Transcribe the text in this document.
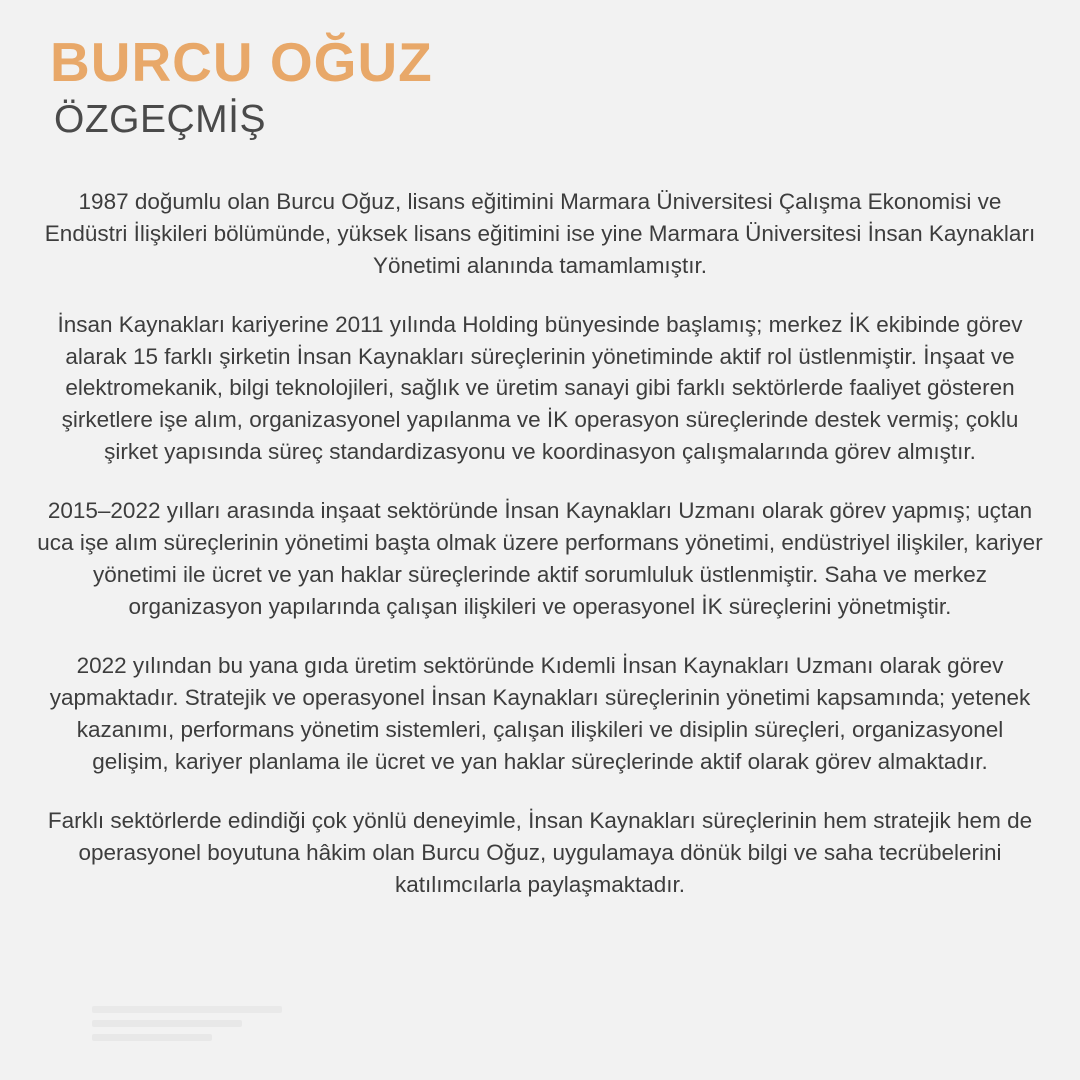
BURCU OĞUZ
ÖZGEÇMİŞ

1987 doğumlu olan Burcu Oğuz, lisans eğitimini Marmara Üniversitesi Çalışma Ekonomisi ve Endüstri İlişkileri bölümünde, yüksek lisans eğitimini ise yine Marmara Üniversitesi İnsan Kaynakları Yönetimi alanında tamamlamıştır.

İnsan Kaynakları kariyerine 2011 yılında Holding bünyesinde başlamış; merkez İK ekibinde görev alarak 15 farklı şirketin İnsan Kaynakları süreçlerinin yönetiminde aktif rol üstlenmiştir. İnşaat ve elektromekanik, bilgi teknolojileri, sağlık ve üretim sanayi gibi farklı sektörlerde faaliyet gösteren şirketlere işe alım, organizasyonel yapılanma ve İK operasyon süreçlerinde destek vermiş; çoklu şirket yapısında süreç standardizasyonu ve koordinasyon çalışmalarında görev almıştır.

2015–2022 yılları arasında inşaat sektöründe İnsan Kaynakları Uzmanı olarak görev yapmış; uçtan uca işe alım süreçlerinin yönetimi başta olmak üzere performans yönetimi, endüstriyel ilişkiler, kariyer yönetimi ile ücret ve yan haklar süreçlerinde aktif sorumluluk üstlenmiştir. Saha ve merkez organizasyon yapılarında çalışan ilişkileri ve operasyonel İK süreçlerini yönetmiştir.

2022 yılından bu yana gıda üretim sektöründe Kıdemli İnsan Kaynakları Uzmanı olarak görev yapmaktadır. Stratejik ve operasyonel İnsan Kaynakları süreçlerinin yönetimi kapsamında; yetenek kazanımı, performans yönetim sistemleri, çalışan ilişkileri ve disiplin süreçleri, organizasyonel gelişim, kariyer planlama ile ücret ve yan haklar süreçlerinde aktif olarak görev almaktadır.

Farklı sektörlerde edindiği çok yönlü deneyimle, İnsan Kaynakları süreçlerinin hem stratejik hem de operasyonel boyutuna hâkim olan Burcu Oğuz, uygulamaya dönük bilgi ve saha tecrübelerini katılımcılarla paylaşmaktadır.
